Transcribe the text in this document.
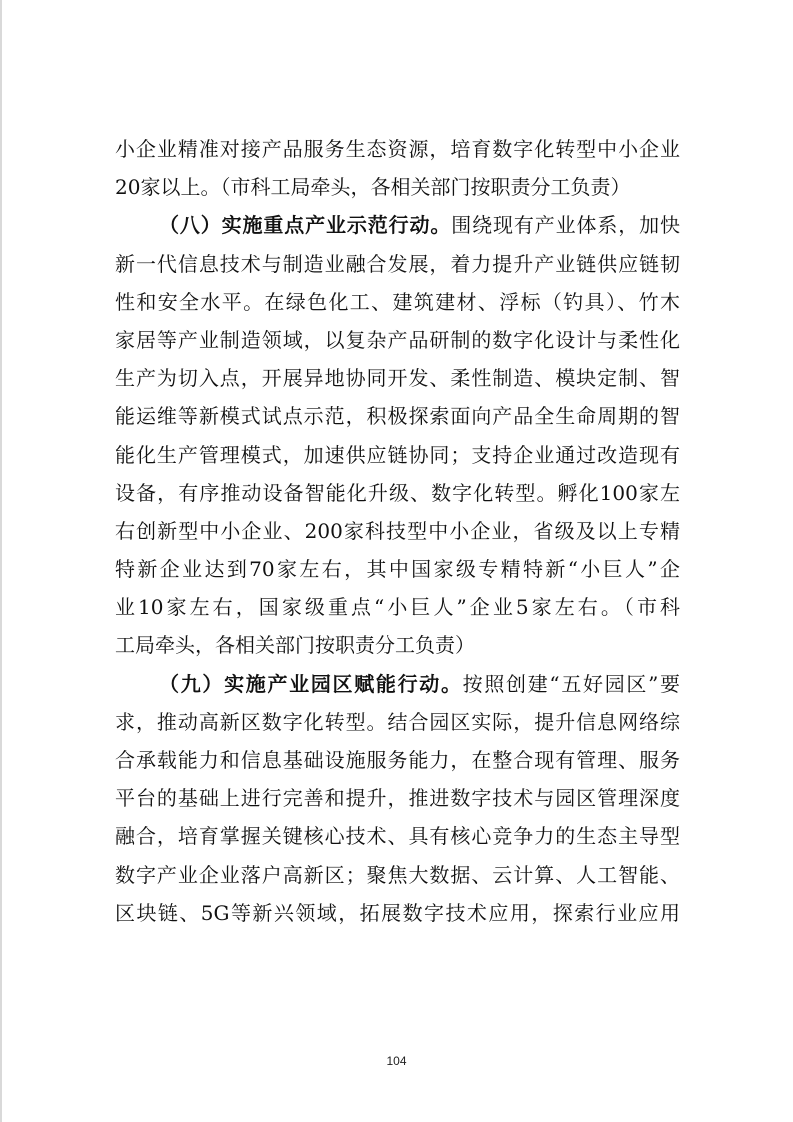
小企业精准对接产品服务生态资源，培育数字化转型中小企业
20家以上。（市科工局牵头，各相关部门按职责分工负责）
（八）实施重点产业示范行动。围绕现有产业体系，加快
新一代信息技术与制造业融合发展，着力提升产业链供应链韧
性和安全水平。在绿色化工、建筑建材、浮标（钓具）、竹木
家居等产业制造领域，以复杂产品研制的数字化设计与柔性化
生产为切入点，开展异地协同开发、柔性制造、模块定制、智
能运维等新模式试点示范，积极探索面向产品全生命周期的智
能化生产管理模式，加速供应链协同；支持企业通过改造现有
设备，有序推动设备智能化升级、数字化转型。孵化100家左
右创新型中小企业、200家科技型中小企业，省级及以上专精
特新企业达到70家左右，其中国家级专精特新“小巨人”企
业10家左右，国家级重点“小巨人”企业5家左右。（市科
工局牵头，各相关部门按职责分工负责）
（九）实施产业园区赋能行动。按照创建“五好园区”要
求，推动高新区数字化转型。结合园区实际，提升信息网络综
合承载能力和信息基础设施服务能力，在整合现有管理、服务
平台的基础上进行完善和提升，推进数字技术与园区管理深度
融合，培育掌握关键核心技术、具有核心竞争力的生态主导型
数字产业企业落户高新区；聚焦大数据、云计算、人工智能、
区块链、5G等新兴领域，拓展数字技术应用，探索行业应用
104
